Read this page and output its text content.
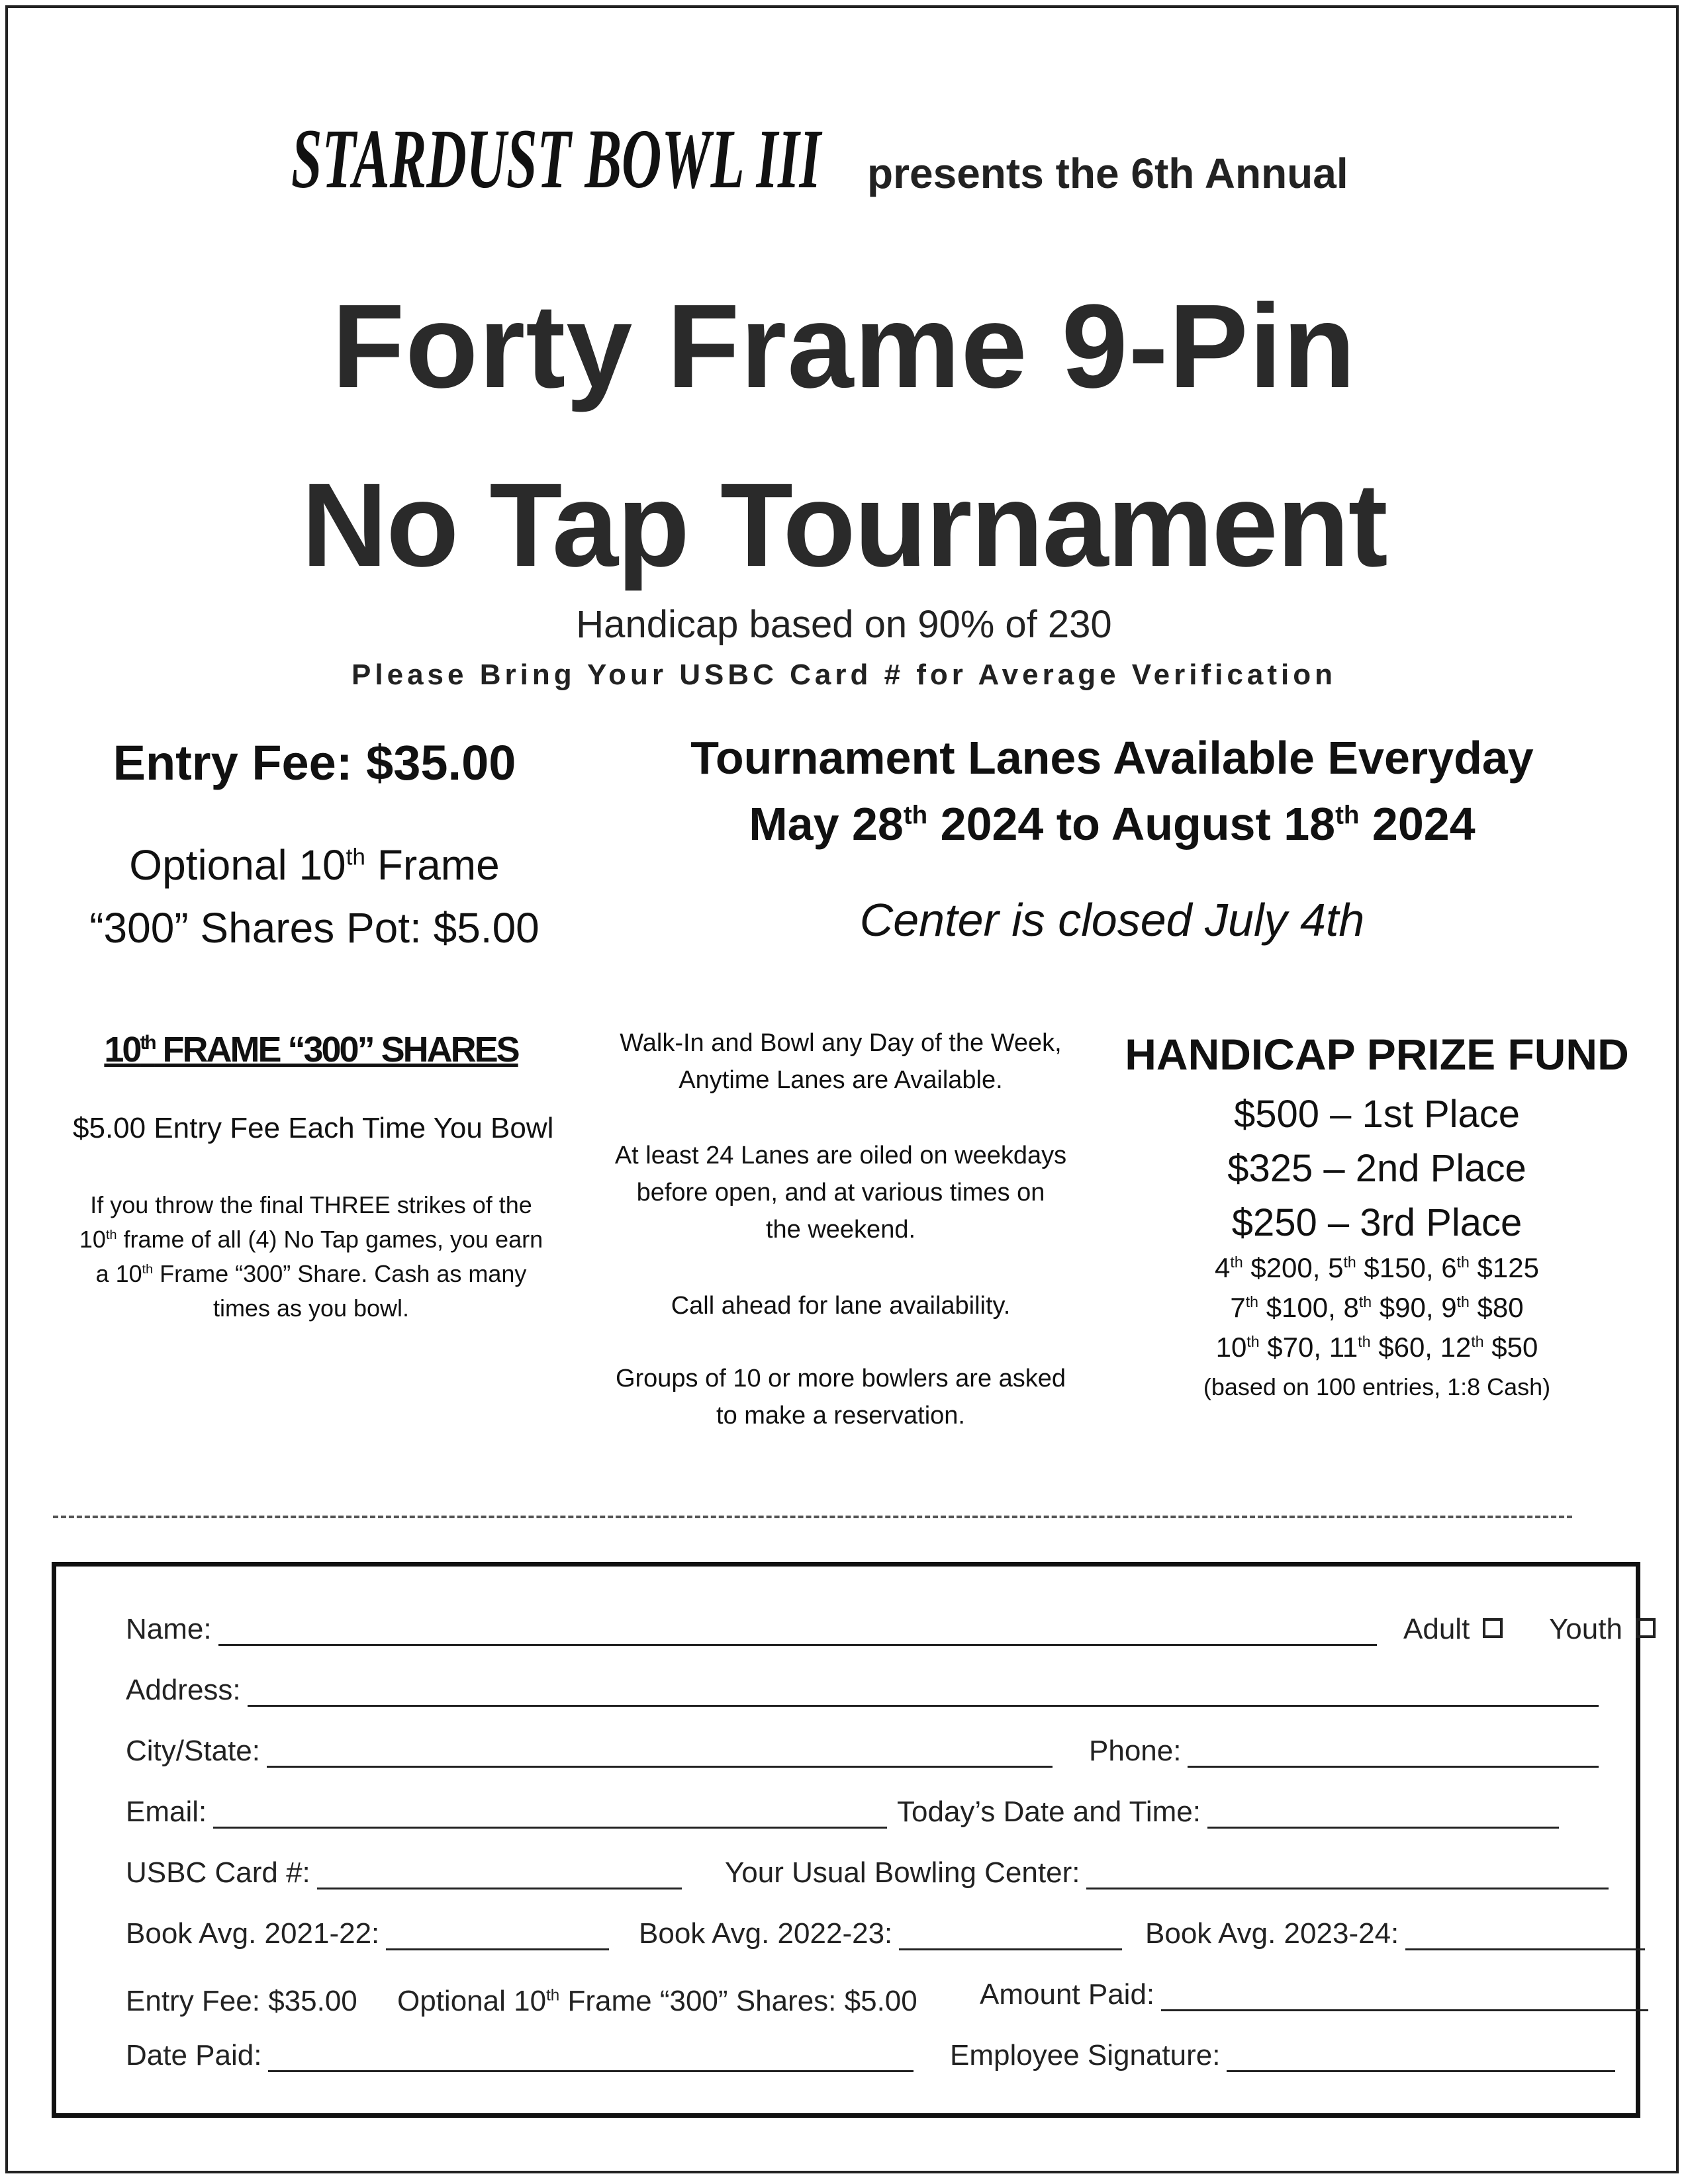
STARDUST BOWL III presents the 6th Annual
Forty Frame 9-Pin
No Tap Tournament
Handicap based on 90% of 230
Please Bring Your USBC Card # for Average Verification
Entry Fee: $35.00
Optional 10th Frame
“300” Shares Pot: $5.00
Tournament Lanes Available Everyday
May 28th 2024 to August 18th 2024
Center is closed July 4th
10th FRAME “300” SHARES
$5.00 Entry Fee Each Time You Bowl
If you throw the final THREE strikes of the
10th frame of all (4) No Tap games, you earn
a 10th Frame “300” Share. Cash as many
times as you bowl.
Walk-In and Bowl any Day of the Week,
Anytime Lanes are Available.
At least 24 Lanes are oiled on weekdays
before open, and at various times on
the weekend.
Call ahead for lane availability.
Groups of 10 or more bowlers are asked
to make a reservation.
HANDICAP PRIZE FUND
$500 – 1st Place
$325 – 2nd Place
$250 – 3rd Place
4th $200, 5th $150, 6th $125
7th $100, 8th $90, 9th $80
10th $70, 11th $60, 12th $50
(based on 100 entries, 1:8 Cash)
Name:	Adult	Youth
Address:
City/State:	Phone:
Email:	Today’s Date and Time:
USBC Card #:	Your Usual Bowling Center:
Book Avg. 2021-22:	Book Avg. 2022-23:	Book Avg. 2023-24:
Entry Fee: $35.00 Optional 10th Frame “300” Shares: $5.00 Amount Paid:
Date Paid:	Employee Signature:
